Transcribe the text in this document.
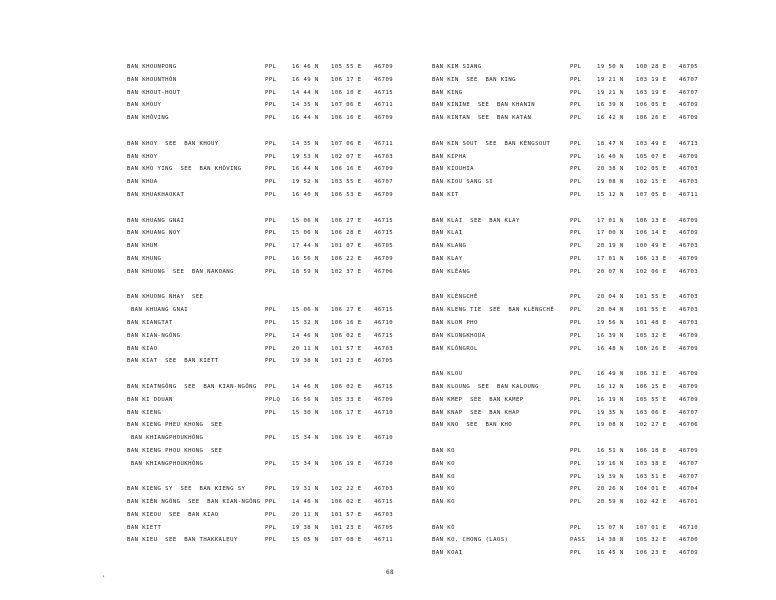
BAN KHOUNPONG	PPL	16 46 N 105 55 E 46709
BAN KHOUNTHÔN	PPL	16 49 N 106 17 E 46709
BAN KHOUT-HOUT	PPL	14 44 N 106 10 E 46715
BAN KHOUY	PPL	14 35 N 107 06 E 46711
BAN KHÔVING	PPL	16 44 N 106 16 E 46709
BAN KHOY  SEE  BAN KHOUY	PPL	14 35 N 107 06 E 46711
BAN KHOY	PPL	19 53 N 102 07 E 46703
BAN KHO YING  SEE  BAN KHÔVING	PPL	16 44 N 106 16 E 46709
BAN KHUA	PPL	19 52 N 103 55 E 46707
BAN KHUAKHAOKAT	PPL	16 40 N 106 53 E 46709
BAN KHUANG GNAI	PPL	15 06 N 106 27 E 46715
BAN KHUANG NOY	PPL	15 06 N 106 28 E 46715
BAN KHUM	PPL	17 44 N 101 07 E 46705
BAN KHUNG	PPL	16 56 N 106 22 E 46709
BAN KHUONG  SEE  BAN NAKOANG	PPL	18 59 N 102 37 E 46706
BAN KHUONG NHAY  SEE
BAN KHUANG GNAI	PPL	15 06 N 106 27 E 46715
BAN KIANGTAT	PPL	15 32 N 106 16 E 46710
BAN KIAN-NGÔNG	PPL	14 46 N 106 02 E 46715
BAN KIAO	PPL	20 11 N 101 57 E 46703
BAN KIAT  SEE  BAN KIETT	PPL	19 38 N 101 23 E 46705
BAN KIATNGÔNG  SEE  BAN KIAN-NGÔNG PPL	14 46 N 106 02 E 46715
BAN KI DOUAN	PPLQ 16 56 N 105 33 E 46709
BAN KIENG	PPL	15 30 N 106 17 E 46710
BAN KIENG PHEU KHONG  SEE
BAN KHIANGPHOUKHÔNG	PPL	15 34 N 106 19 E 46710
BAN KIENG PHOU KHONG  SEE
BAN KHIANGPHOUKHÔNG	PPL	15 34 N 106 19 E 46710
BAN KIENG SY  SEE  BAN KIENG SY	PPL	19 31 N 102 22 E 46703
BAN KIÊN NGÔNG  SEE  BAN KIAN-NGÔNG PPL	14 46 N 106 02 E 46715
BAN KIEOU  SEE  BAN KIAO	PPL	20 11 N 101 57 E 46703
BAN KIETT	PPL	19 38 N 101 23 E 46705
BAN KIEU  SEE  BAN THAKKALEUY	PPL	15 05 N 107 08 E 46711
BAN KIM SIANG	PPL	19 50 N 100 28 E 46705
BAN KIN  SEE  BAN KING	PPL	19 21 N 103 19 E 46707
BAN KING	PPL	19 21 N 103 19 E 46707
BAN KININE  SEE  BAN KHANIN	PPL	16 39 N 106 05 E 46709
BAN KINTAN  SEE  BAN KATAN	PPL	16 42 N 106 26 E 46709
BAN KIN SOUT  SEE  BAN KÈNGSOUT	PPL	18 47 N 103 49 E 46713
BAN KIPHA	PPL	16 40 N 105 07 E 46709
BAN KIOUHIA	PPL	20 38 N 102 05 E 46703
BAN KIOU SANG SI	PPL	19 08 N 102 15 E 46703
BAN KIT	PPL	15 12 N 107 05 E 46711
BAN KLAI  SEE  BAN KLAY	PPL	17 01 N 106 13 E 46709
BAN KLAI	PPL	17 00 N 106 14 E 46709
BAN KLANG	PPL	20 19 N 100 49 E 46703
BAN KLAY	PPL	17 01 N 106 13 E 46709
BAN KLÈANG	PPL	20 07 N 102 06 E 46703
BAN KLÈNGCHÊ	PPL	20 04 N 101 55 E 46703
BAN KLENG TIE  SEE  BAN KLÈNGCHÊ	PPL	20 04 N 101 55 E 46703
BAN KLOM PHO	PPL	19 56 N 101 48 E 46703
BAN KLONGKHOUA	PPL	16 39 N 105 32 E 46709
BAN KLÔNGROL	PPL	16 48 N 106 26 E 46709
BAN KLOU	PPL	16 49 N 106 31 E 46709
BAN KLOUNG  SEE  BAN KALOUNG	PPL	16 12 N 106 15 E 46709
BAN KMEP  SEE  BAN KAMEP	PPL	16 19 N 105 55 E 46709
BAN KNAP  SEE  BAN KHAP	PPL	19 35 N 103 06 E 46707
BAN KNO  SEE  BAN KHO	PPL	19 08 N 102 27 E 46706
BAN KO	PPL	16 51 N 106 18 E 46709
BAN KO	PPL	19 16 N 103 38 E 46707
BAN KO	PPL	19 39 N 103 51 E 46707
BAN KO	PPL	20 26 N 104 01 E 46704
BAN KO	PPL	20 59 N 102 42 E 46701
BAN KÔ	PPL	15 07 N 107 01 E 46710
BAN KO, CHONG (LAOS)	PASS 14 38 N 105 32 E 46700
BAN KOAI	PPL	16 45 N 106 23 E 46709
68
'
